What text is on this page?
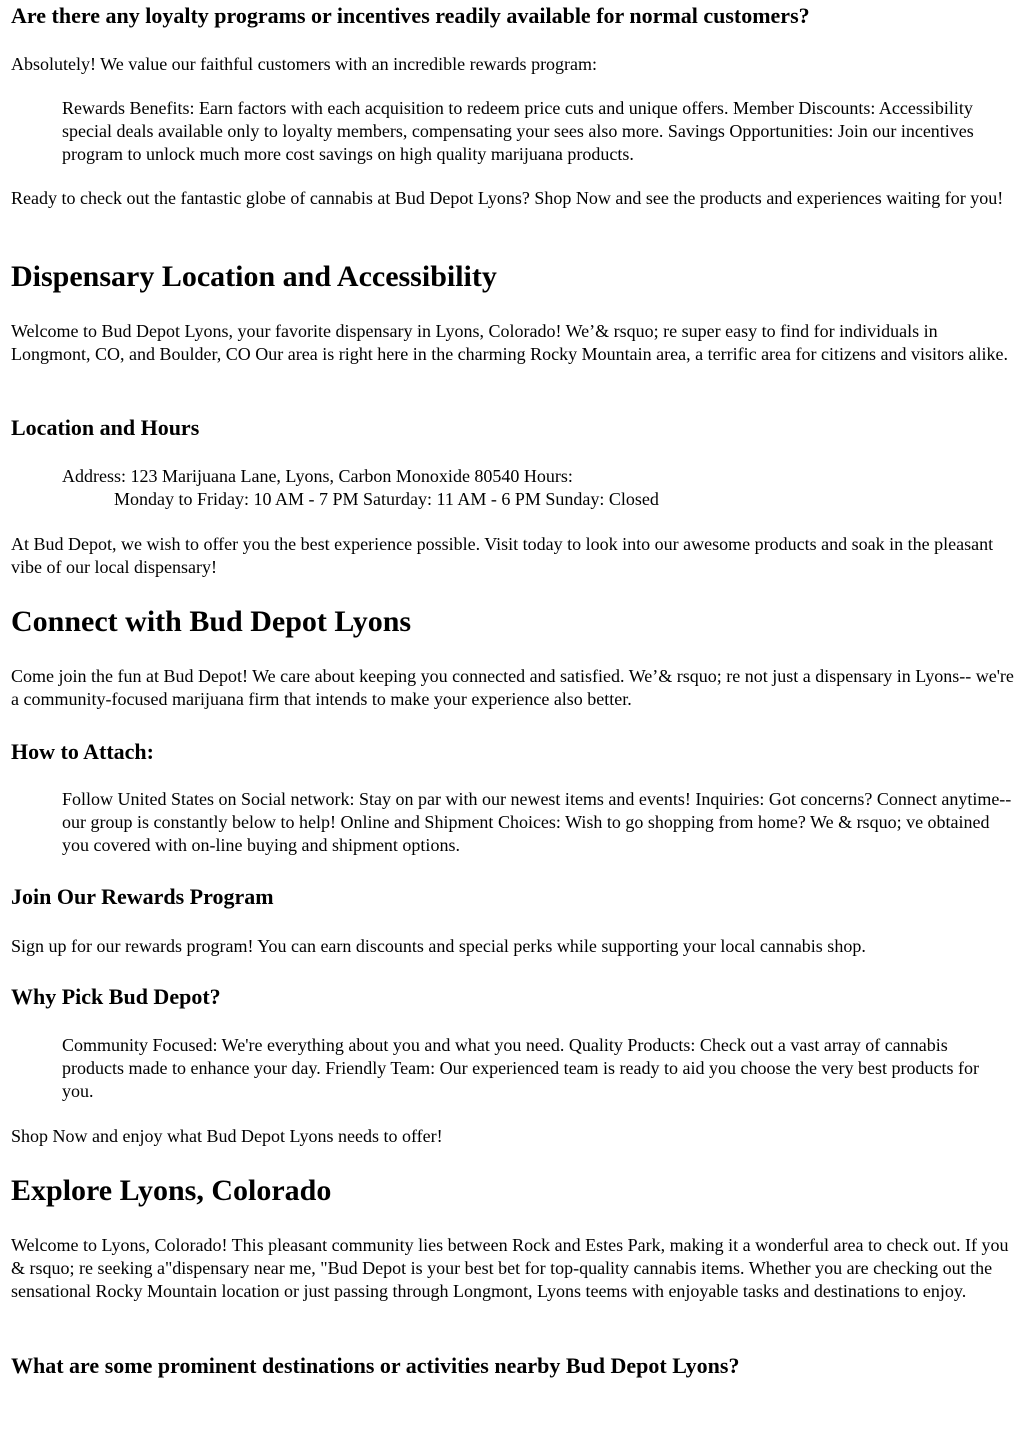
Are there any loyalty programs or incentives readily available for normal customers?

Absolutely! We value our faithful customers with an incredible rewards program:

Rewards Benefits: Earn factors with each acquisition to redeem price cuts and unique offers. Member Discounts: Accessibility special deals available only to loyalty members, compensating your sees also more. Savings Opportunities: Join our incentives program to unlock much more cost savings on high quality marijuana products.

Ready to check out the fantastic globe of cannabis at Bud Depot Lyons? Shop Now and see the products and experiences waiting for you!

Dispensary Location and Accessibility

Welcome to Bud Depot Lyons, your favorite dispensary in Lyons, Colorado! We’& rsquo; re super easy to find for individuals in Longmont, CO, and Boulder, CO Our area is right here in the charming Rocky Mountain area, a terrific area for citizens and visitors alike.

Location and Hours
Address: 123 Marijuana Lane, Lyons, Carbon Monoxide 80540 Hours:
Monday to Friday: 10 AM - 7 PM Saturday: 11 AM - 6 PM Sunday: Closed

At Bud Depot, we wish to offer you the best experience possible. Visit today to look into our awesome products and soak in the pleasant vibe of our local dispensary!

Connect with Bud Depot Lyons

Come join the fun at Bud Depot! We care about keeping you connected and satisfied. We’& rsquo; re not just a dispensary in Lyons-- we're a community-focused marijuana firm that intends to make your experience also better.

How to Attach:
Follow United States on Social network: Stay on par with our newest items and events! Inquiries: Got concerns? Connect anytime-- our group is constantly below to help! Online and Shipment Choices: Wish to go shopping from home? We & rsquo; ve obtained you covered with on-line buying and shipment options.
Join Our Rewards Program

Sign up for our rewards program! You can earn discounts and special perks while supporting your local cannabis shop.

Why Pick Bud Depot?
Community Focused: We're everything about you and what you need. Quality Products: Check out a vast array of cannabis products made to enhance your day. Friendly Team: Our experienced team is ready to aid you choose the very best products for you.

Shop Now and enjoy what Bud Depot Lyons needs to offer!

Explore Lyons, Colorado

Welcome to Lyons, Colorado! This pleasant community lies between Rock and Estes Park, making it a wonderful area to check out. If you & rsquo; re seeking a"dispensary near me, "Bud Depot is your best bet for top-quality cannabis items. Whether you are checking out the sensational Rocky Mountain location or just passing through Longmont, Lyons teems with enjoyable tasks and destinations to enjoy.

What are some prominent destinations or activities nearby Bud Depot Lyons?
